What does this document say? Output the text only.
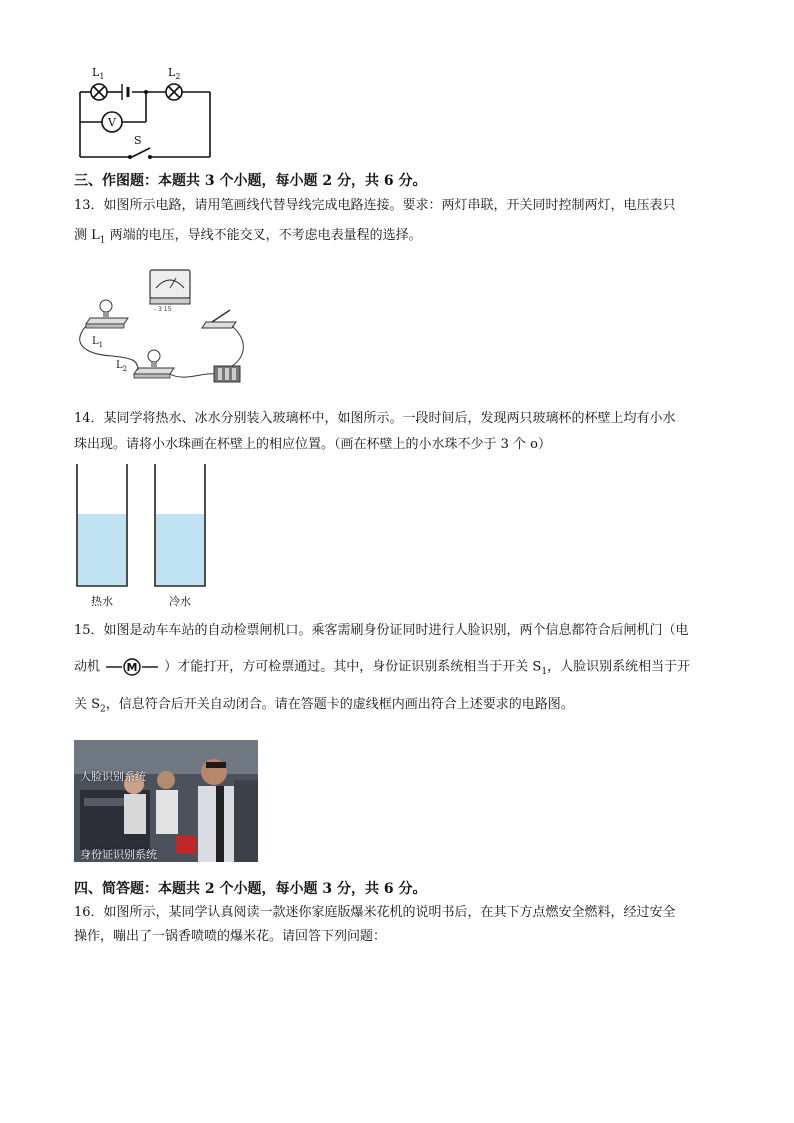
V
$L_1$	$L_2$
S
三、作图题：本题共 3 个小题，每小题 2 分，共 6 分。
13．如图所示电路，请用笔画线代替导线完成电路连接。要求：两灯串联，开关同时控制两灯，电压表只
测 $L_1$ 两端的电压，导线不能交叉，不考虑电表量程的选择。
- 3 15
$L_1$
$L_2$
14．某同学将热水、冰水分别装入玻璃杯中，如图所示。一段时间后，发现两只玻璃杯的杯壁上均有小水
珠出现。请将小水珠画在杯壁上的相应位置。（画在杯壁上的小水珠不少于 3 个 o）
热水	冷水
15．如图是动车车站的自动检票闸机口。乘客需刷身份证同时进行人脸识别，两个信息都符合后闸机门（电
动机 M ）才能打开，方可检票通过。其中，身份证识别系统相当于开关 $S_1$，人脸识别系统相当于开
关 $S_2$，信息符合后开关自动闭合。请在答题卡的虚线框内画出符合上述要求的电路图。
人脸识别系统
身份证识别系统
四、简答题：本题共 2 个小题，每小题 3 分，共 6 分。
16．如图所示，某同学认真阅读一款迷你家庭版爆米花机的说明书后，在其下方点燃安全燃料，经过安全
操作，嘣出了一锅香喷喷的爆米花。请回答下列问题：
